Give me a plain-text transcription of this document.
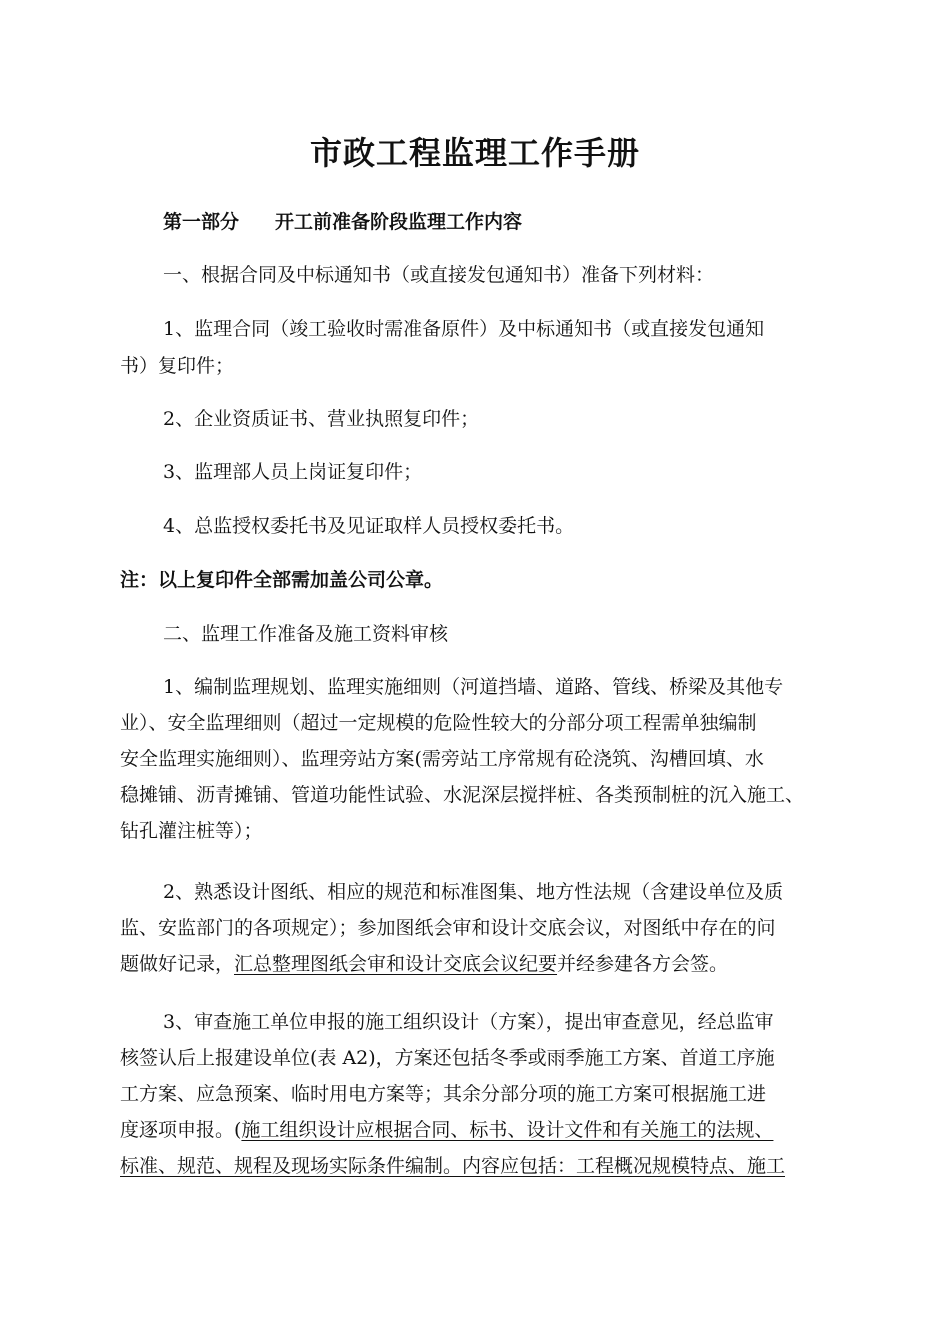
市政工程监理工作手册
第一部分 开工前准备阶段监理工作内容
一、根据合同及中标通知书（或直接发包通知书）准备下列材料：
1、监理合同（竣工验收时需准备原件）及中标通知书（或直接发包通知
书）复印件；
2、企业资质证书、营业执照复印件；
3、监理部人员上岗证复印件；
4、总监授权委托书及见证取样人员授权委托书。
注：以上复印件全部需加盖公司公章。
二、监理工作准备及施工资料审核
1、编制监理规划、监理实施细则（河道挡墙、道路、管线、桥梁及其他专
业）、安全监理细则（超过一定规模的危险性较大的分部分项工程需单独编制
安全监理实施细则）、监理旁站方案(需旁站工序常规有砼浇筑、沟槽回填、水
稳摊铺、沥青摊铺、管道功能性试验、水泥深层搅拌桩、各类预制桩的沉入施工、
钻孔灌注桩等）；
2、熟悉设计图纸、相应的规范和标准图集、地方性法规（含建设单位及质
监、安监部门的各项规定）；参加图纸会审和设计交底会议，对图纸中存在的问
题做好记录，汇总整理图纸会审和设计交底会议纪要并经参建各方会签。
3、审查施工单位申报的施工组织设计（方案），提出审查意见，经总监审
核签认后上报建设单位(表 A2)，方案还包括冬季或雨季施工方案、首道工序施
工方案、应急预案、临时用电方案等；其余分部分项的施工方案可根据施工进
度逐项申报。(施工组织设计应根据合同、标书、设计文件和有关施工的法规、
标准、规范、规程及现场实际条件编制。内容应包括：工程概况规模特点、施工
